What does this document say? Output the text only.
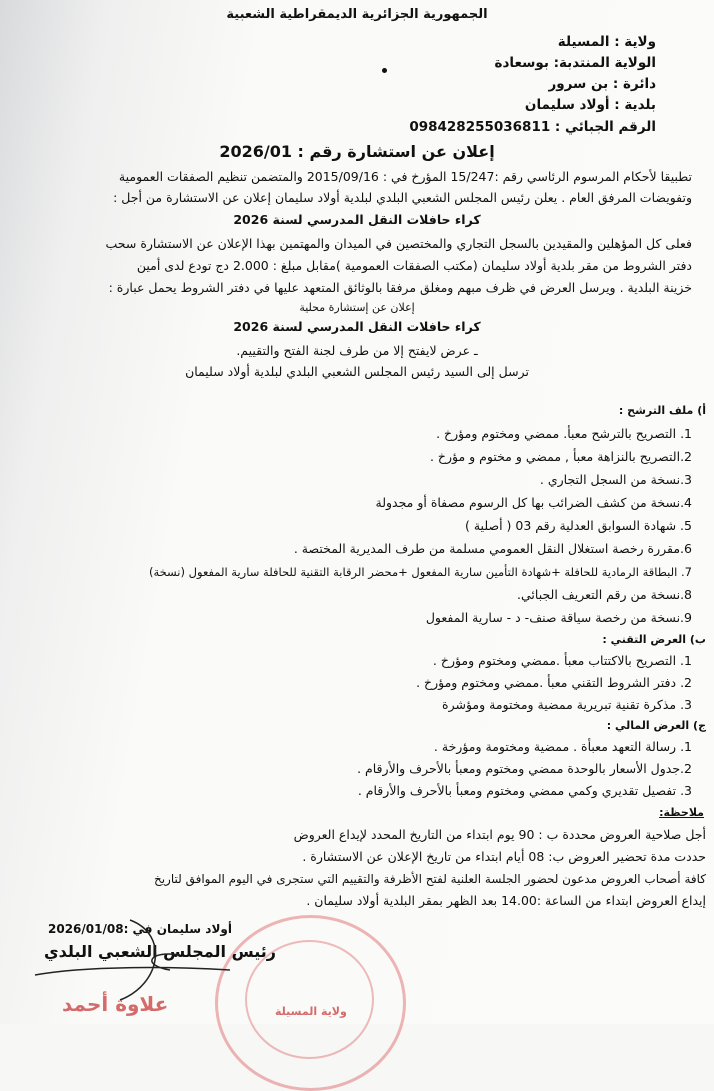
الجمهورية الجزائرية الديمقراطية الشعبية
ولاية : المسيلة
الولاية المنتدبة: بوسعادة
دائرة : بن سرور
بلدية : أولاد سليمان
الرقم الجبائي : 098428255036811
إعلان عن استشارة رقم : 2026/01
تطبيقا لأحكام المرسوم الرئاسي رقم :15/247 المؤرخ في : 2015/09/16 والمتضمن تنظيم الصفقات العمومية
وتفويضات المرفق العام . يعلن رئيس المجلس الشعبي البلدي لبلدية أولاد سليمان إعلان عن الاستشارة من أجل :
كراء حافلات النقل المدرسي لسنة 2026
فعلى كل المؤهلين والمقيدين بالسجل التجاري والمختصين في الميدان والمهتمين بهذا الإعلان عن الاستشارة سحب
دفتر الشروط من مقر بلدية أولاد سليمان (مكتب الصفقات العمومية )مقابل مبلغ : 2.000 دج تودع لدى أمين
خزينة البلدية . ويرسل العرض في ظرف مبهم ومغلق مرفقا بالوثائق المتعهد عليها في دفتر الشروط يحمل عبارة :
إعلان عن إستشارة محلية
كراء حافلات النقل المدرسي لسنة 2026
ـ عرض لايفتح إلا من طرف لجنة الفتح والتقييم.
ترسل إلى السيد رئيس المجلس الشعبي البلدي لبلدية أولاد سليمان
أ) ملف الترشح :
1. التصريح بالترشح معبأ. ممضي ومختوم ومؤرخ .
2.التصريح بالنزاهة معبأ , ممضي و مختوم و مؤرخ .
3.نسخة من السجل التجاري .
4.نسخة من كشف الضرائب بها كل الرسوم مصفاة أو مجدولة
5. شهادة السوابق العدلية رقم 03 ( أصلية )
6.مقررة رخصة استغلال النقل العمومي مسلمة من طرف المديرية المختصة .
7. البطاقة الرمادية للحافلة +شهادة التأمين سارية المفعول +محضر الرقابة التقنية للحافلة سارية المفعول (نسخة)
8.نسخة من رقم التعريف الجبائي.
9.نسخة من رخصة سياقة صنف- د - سارية المفعول
ب) العرض التقني :
1. التصريح بالاكتتاب معبأ .ممضي ومختوم ومؤرخ .
2. دفتر الشروط التقني معبأ .ممضي ومختوم ومؤرخ .
3. مذكرة تقنية تبريرية ممضية ومختومة ومؤشرة
ج) العرض المالي :
1. رسالة التعهد معبأة . ممضية ومختومة ومؤرخة .
2.جدول الأسعار بالوحدة ممضي ومختوم ومعبأ بالأحرف والأرقام .
3. تفصيل تقديري وكمي ممضي ومختوم ومعبأ بالأحرف والأرقام .
ملاحظة:
أجل صلاحية العروض محددة ب : 90 يوم ابتداء من التاريخ المحدد لإيداع العروض
حددت مدة تحضير العروض ب: 08 أيام ابتداء من تاريخ الإعلان عن الاستشارة .
كافة أصحاب العروض مدعون لحضور الجلسة العلنية لفتح الأظرفة والتقييم التي ستجرى في اليوم الموافق لتاريخ
إيداع العروض ابتداء من الساعة :14.00 بعد الظهر بمقر البلدية أولاد سليمان .
ولاية المسيلة
أولاد سليمان في :2026/01/08
رئيس المجلس الشعبي البلدي
علاوة أحمد
